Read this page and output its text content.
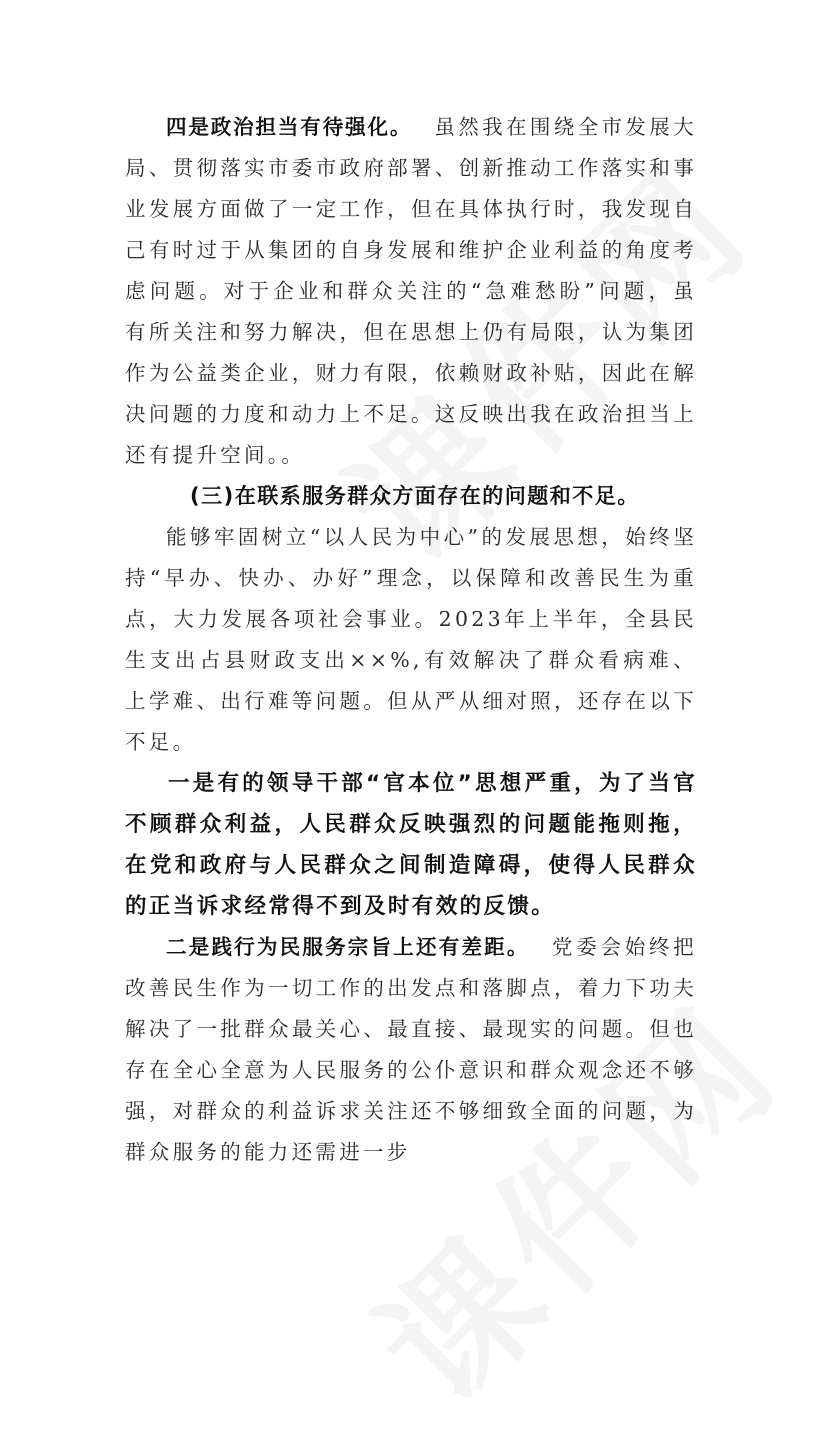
四是政治担当有待强化。 虽然我在围绕全市发展大局、贯彻落实市委市政府部署、创新推动工作落实和事业发展方面做了一定工作，但在具体执行时，我发现自己有时过于从集团的自身发展和维护企业利益的角度考虑问题。对于企业和群众关注的“急难愁盼”问题，虽有所关注和努力解决，但在思想上仍有局限，认为集团作为公益类企业，财力有限，依赖财政补贴，因此在解决问题的力度和动力上不足。这反映出我在政治担当上还有提升空间。。

(三)在联系服务群众方面存在的问题和不足。

能够牢固树立“以人民为中心”的发展思想，始终坚持“早办、快办、办好”理念，以保障和改善民生为重点，大力发展各项社会事业。2023年上半年，全县民生支出占县财政支出××%,有效解决了群众看病难、上学难、出行难等问题。但从严从细对照，还存在以下不足。

一是有的领导干部“官本位”思想严重，为了当官不顾群众利益，人民群众反映强烈的问题能拖则拖，在党和政府与人民群众之间制造障碍，使得人民群众的正当诉求经常得不到及时有效的反馈。

二是践行为民服务宗旨上还有差距。 党委会始终把改善民生作为一切工作的出发点和落脚点，着力下功夫解决了一批群众最关心、最直接、最现实的问题。但也存在全心全意为人民服务的公仆意识和群众观念还不够强，对群众的利益诉求关注还不够细致全面的问题，为群众服务的能力还需进一步
